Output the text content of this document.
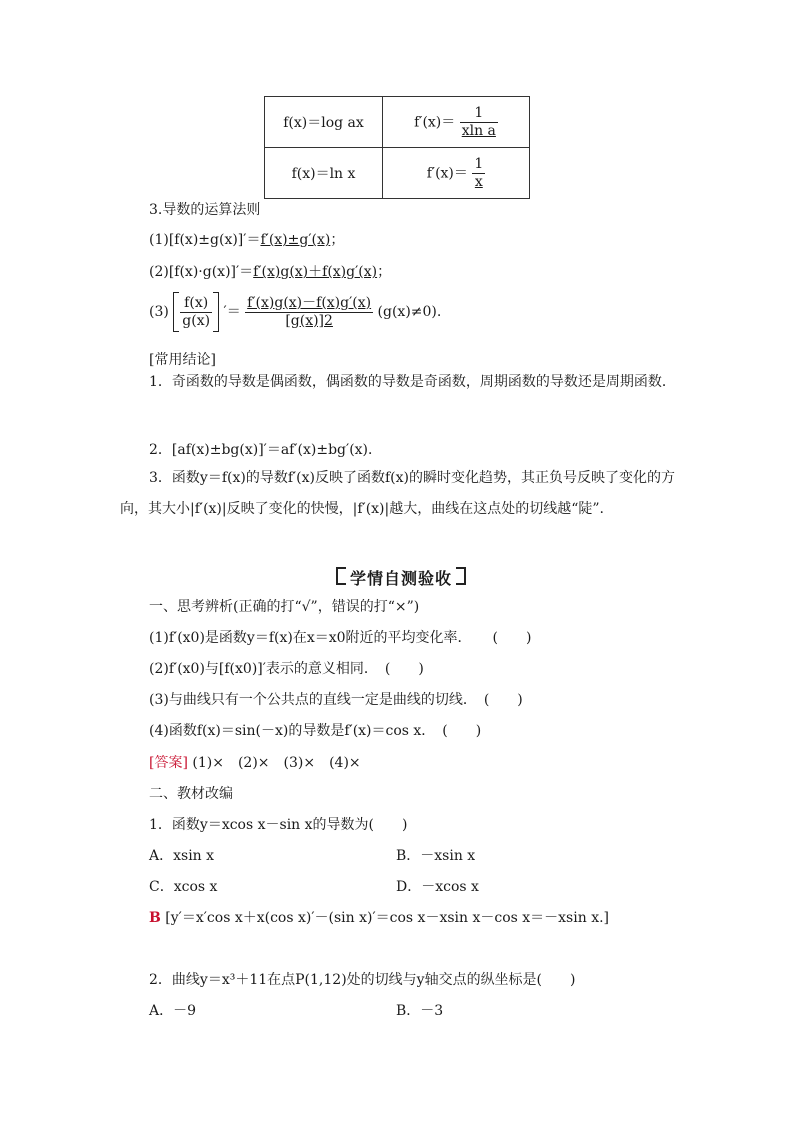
f(x)＝log ax	$f'(x)= \frac{1}{\text{xln a}}$

f(x)＝ln x	$f'(x)= \frac{1}{x}$
3.导数的运算法则
(1)[f(x)±g(x)]′＝f′(x)±g′(x)；
(2)[f(x)·g(x)]′＝f′(x)g(x)＋f(x)g′(x)；
$(3) \frac{f(x)}{g(x)}$ ′＝ $\frac{f'(x)g(x)-f(x)g'(x)}{[g(x)]2} (g(x)\ne 0)$.
[常用结论]
1．奇函数的导数是偶函数，偶函数的导数是奇函数，周期函数的导数还是周期函数．
2．[af(x)±bg(x)]′＝af′(x)±bg′(x)．
3．函数y＝f(x)的导数f′(x)反映了函数f(x)的瞬时变化趋势，其正负号反映了变化的方向，其大小|f′(x)|反映了变化的快慢，|f′(x)|越大，曲线在这点处的切线越“陡”.
学情自测验收
一、思考辨析(正确的打“√”，错误的打“×”)
(1)f′(x0)是函数y＝f(x)在x＝x0附近的平均变化率．　　(　　)
(2)f′(x0)与[f(x0)]′表示的意义相同．　(　　)
(3)与曲线只有一个公共点的直线一定是曲线的切线．　(　　)
(4)函数f(x)＝sin(－x)的导数是f′(x)＝cos x．　(　　)
[答案] (1)×　(2)×　(3)×　(4)×
二、教材改编
1．函数y＝xcos x－sin x的导数为(　　)
A．xsin x	B．－xsin x
C．xcos x	D．－xcos x
B [y′＝x′cos x＋x(cos x)′－(sin x)′＝cos x－xsin x－cos x＝－xsin x.]
2．曲线y＝x³＋11在点P(1,12)处的切线与y轴交点的纵坐标是(　　)
A．－9	B．－3
